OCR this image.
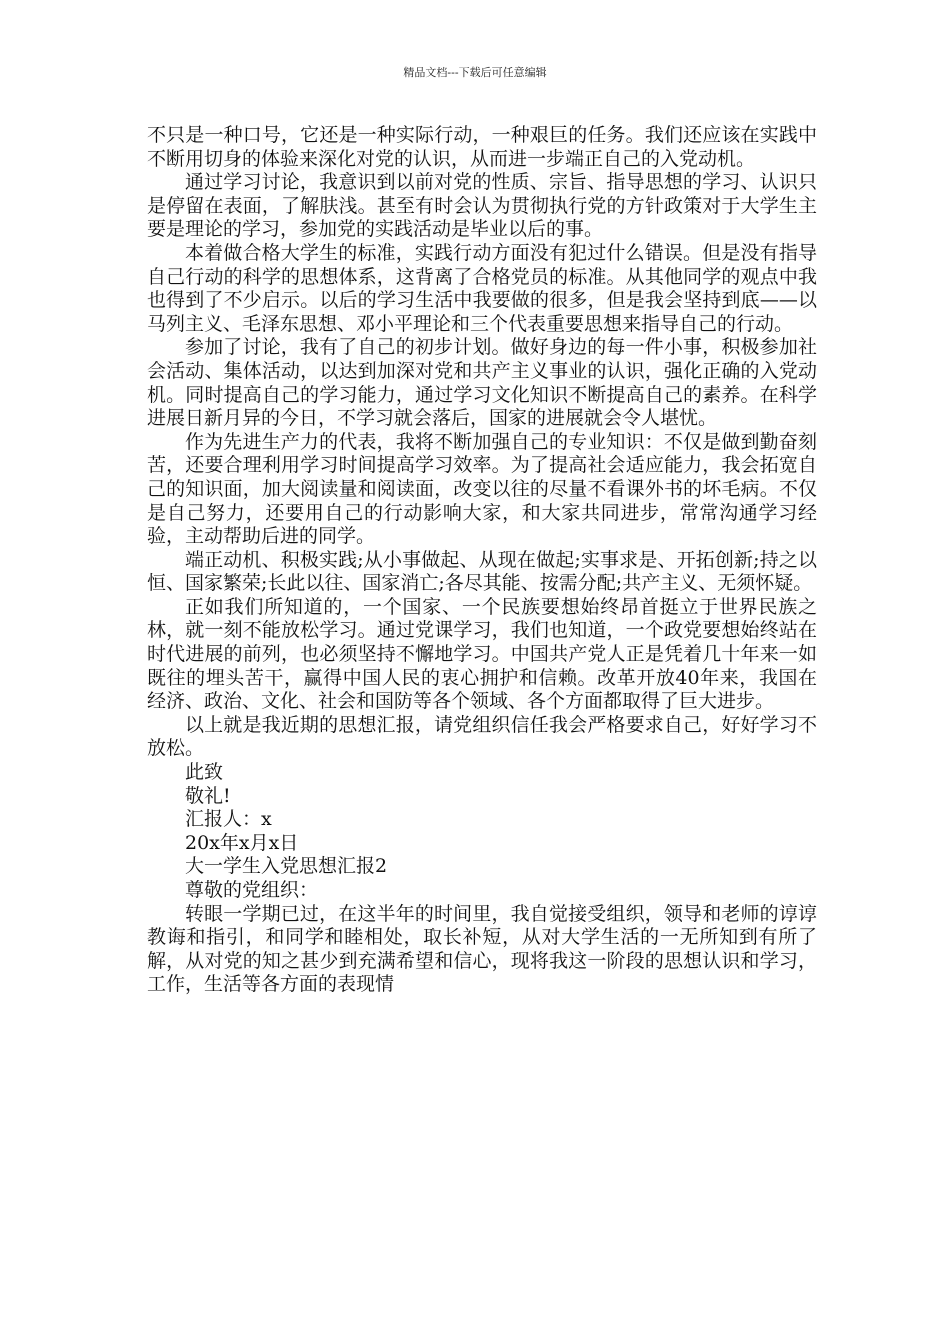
精品文档---下载后可任意编辑

不只是一种口号，它还是一种实际行动，一种艰巨的任务。我们还应该在实践中不断用切身的体验来深化对党的认识，从而进一步端正自己的入党动机。

通过学习讨论，我意识到以前对党的性质、宗旨、指导思想的学习、认识只是停留在表面，了解肤浅。甚至有时会认为贯彻执行党的方针政策对于大学生主要是理论的学习，参加党的实践活动是毕业以后的事。

本着做合格大学生的标准，实践行动方面没有犯过什么错误。但是没有指导自己行动的科学的思想体系，这背离了合格党员的标准。从其他同学的观点中我也得到了不少启示。以后的学习生活中我要做的很多，但是我会坚持到底——以马列主义、毛泽东思想、邓小平理论和三个代表重要思想来指导自己的行动。

参加了讨论，我有了自己的初步计划。做好身边的每一件小事，积极参加社会活动、集体活动，以达到加深对党和共产主义事业的认识，强化正确的入党动机。同时提高自己的学习能力，通过学习文化知识不断提高自己的素养。在科学进展日新月异的今日，不学习就会落后，国家的进展就会令人堪忧。

作为先进生产力的代表，我将不断加强自己的专业知识：不仅是做到勤奋刻苦，还要合理利用学习时间提高学习效率。为了提高社会适应能力，我会拓宽自己的知识面，加大阅读量和阅读面，改变以往的尽量不看课外书的坏毛病。不仅是自己努力，还要用自己的行动影响大家，和大家共同进步，常常沟通学习经验，主动帮助后进的同学。

端正动机、积极实践;从小事做起、从现在做起;实事求是、开拓创新;持之以恒、国家繁荣;长此以往、国家消亡;各尽其能、按需分配;共产主义、无须怀疑。

正如我们所知道的，一个国家、一个民族要想始终昂首挺立于世界民族之林，就一刻不能放松学习。通过党课学习，我们也知道，一个政党要想始终站在时代进展的前列，也必须坚持不懈地学习。中国共产党人正是凭着几十年来一如既往的埋头苦干，赢得中国人民的衷心拥护和信赖。改革开放40年来，我国在经济、政治、文化、社会和国防等各个领域、各个方面都取得了巨大进步。

以上就是我近期的思想汇报，请党组织信任我会严格要求自己，好好学习不放松。

此致

敬礼!

汇报人：x

20x年x月x日

大一学生入党思想汇报2

尊敬的党组织：

转眼一学期已过，在这半年的时间里，我自觉接受组织，领导和老师的谆谆教诲和指引，和同学和睦相处，取长补短，从对大学生活的一无所知到有所了解，从对党的知之甚少到充满希望和信心，现将我这一阶段的思想认识和学习，工作，生活等各方面的表现情
